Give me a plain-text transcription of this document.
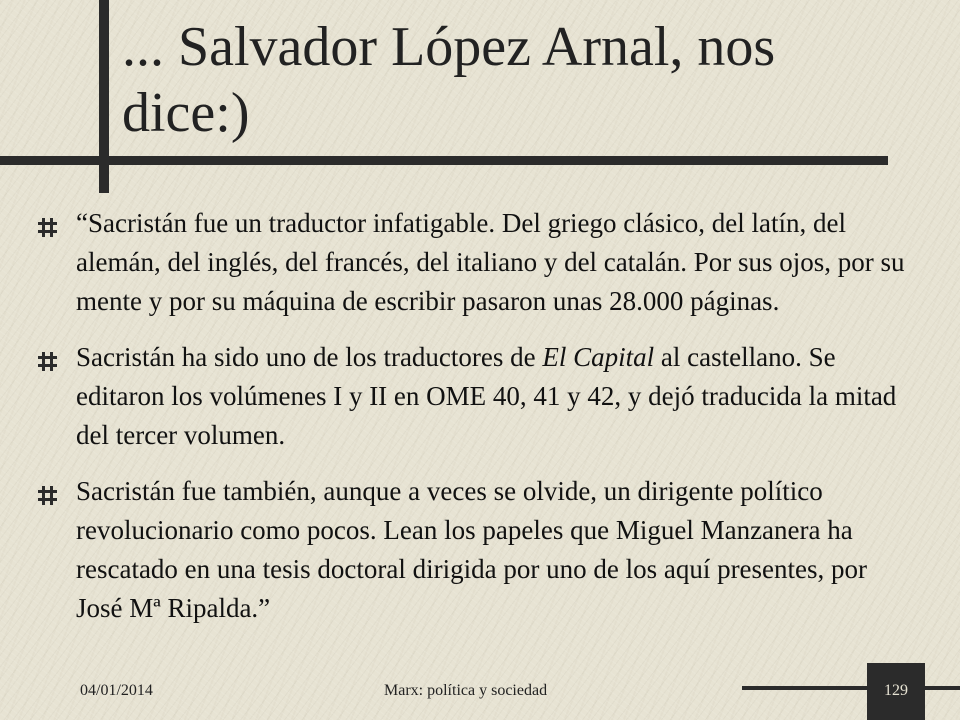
... Salvador López Arnal, nos dice:)
“Sacristán fue un traductor infatigable. Del griego clásico, del latín, del alemán, del inglés, del francés, del italiano y del catalán. Por sus ojos, por su mente y por su máquina de escribir pasaron unas 28.000 páginas.
Sacristán ha sido uno de los traductores de El Capital al castellano. Se editaron los volúmenes I y II en OME 40, 41 y 42, y dejó traducida la mitad del tercer volumen.
Sacristán fue también, aunque a veces se olvide, un dirigente político revolucionario como pocos. Lean los papeles que Miguel Manzanera ha rescatado en una tesis doctoral dirigida por uno de los aquí presentes, por José Mª Ripalda.”
04/01/2014	Marx: política y sociedad	129
